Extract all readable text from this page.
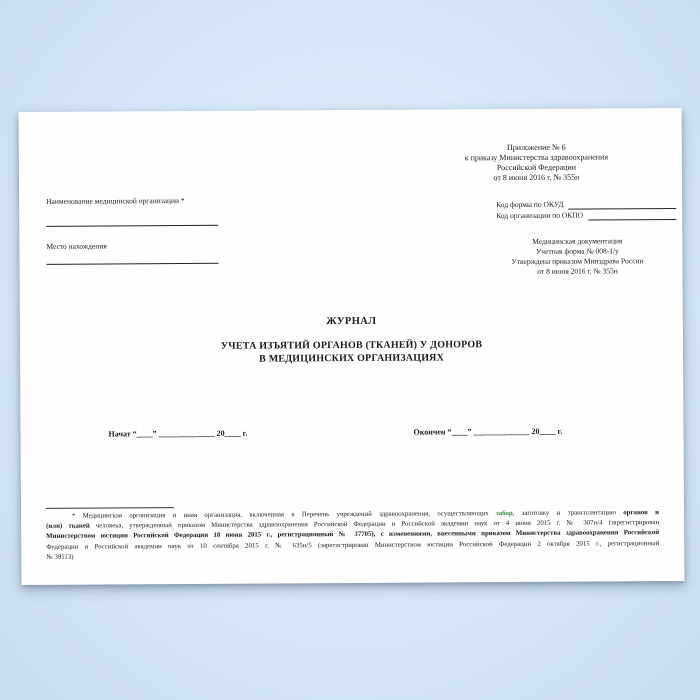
Приложение № 6
к приказу Министерства здравоохранения
Российской Федерации
от 8 июня 2016 г. № 355н
Наименование медицинской организации *
Место нахождения
Код формы по ОКУД
Код организации по ОКПО
Медицинская документация
Учетная форма № 008-1/у
Утверждена приказом Минздрава России
от 8 июня 2016 г. № 355н
ЖУРНАЛ
УЧЕТА ИЗЪЯТИЙ ОРГАНОВ (ТКАНЕЙ) У ДОНОРОВ
В МЕДИЦИНСКИХ ОРГАНИЗАЦИЯХ
Начат “____” ______________ 20____ г.	Окончен “____” ______________ 20____ г.
* Медицинская организация и иная организация, включенная в Перечень учреждений здравоохранения, осуществляющих забор, заготовку и трансплантацию органов и
(или) тканей человека, утвержденный приказом Министерства здравоохранения Российской Федерации и Российской академии наук от 4 июня 2015 г. № 307н/4 (зарегистрирован
Министерством юстиции Российской Федерации 18 июня 2015 г., регистрационный № 37705), с изменениями, внесенными приказом Министерства здравоохранения Российской
Федерации и Российской академии наук от 10 сентября 2015 г. № 635н/5 (зарегистрирован Министерством юстиции Российской Федерации 2 октября 2015 г., регистрационный
№ 39113)
